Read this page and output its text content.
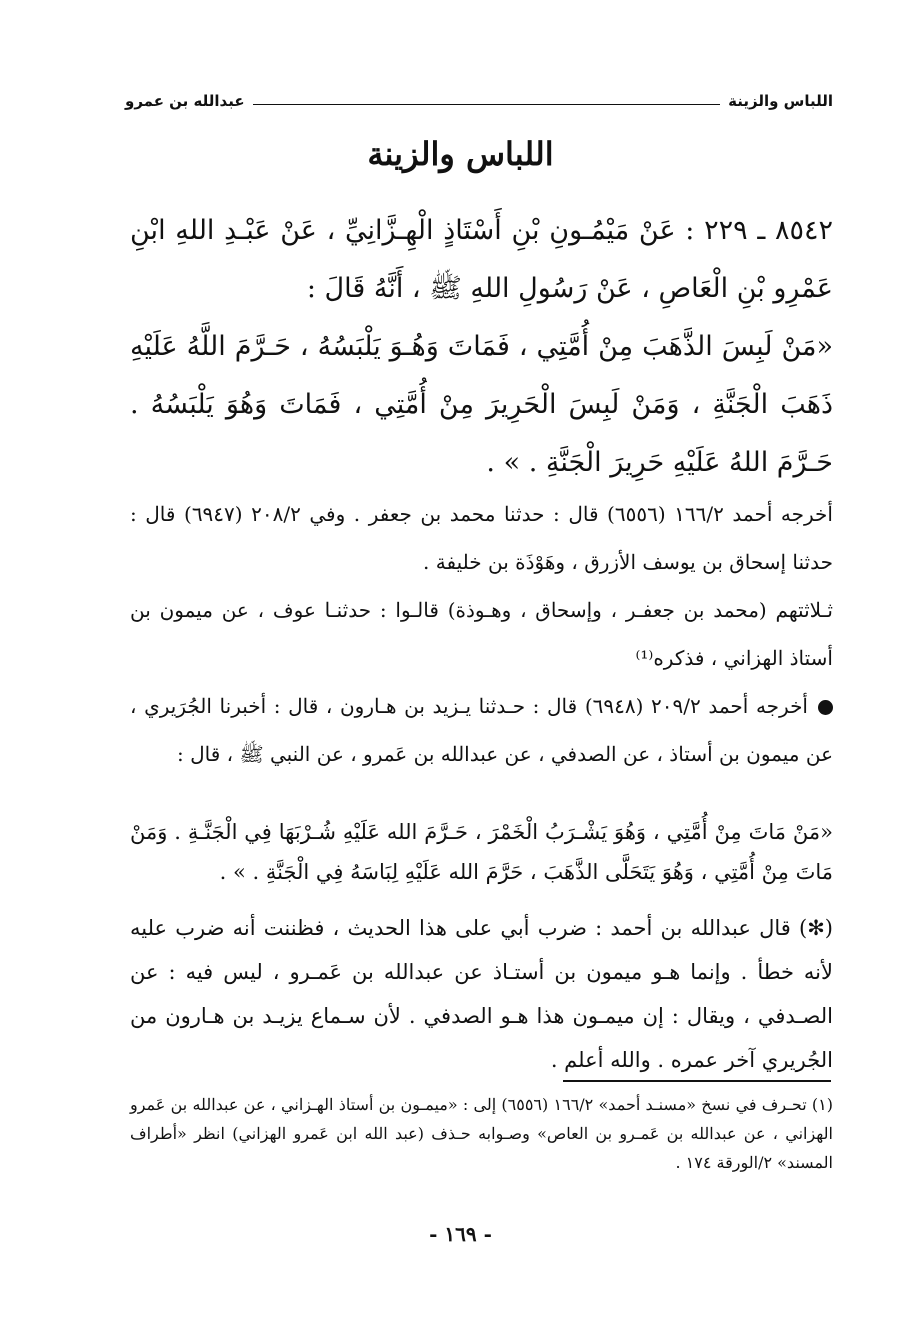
اللباس والزينة
عبدالله بن عمرو
اللباس والزينة

٨٥٤٢ ـ ٢٢٩ : عَنْ مَيْمُـونِ بْنِ أَسْتَاذٍ الْهِـزَّانِيِّ ، عَنْ عَبْـدِ اللهِ ابْنِ عَمْرِو بْنِ الْعَاصِ ، عَنْ رَسُولِ اللهِ ﷺ ، أَنَّهُ قَالَ :

«مَنْ لَبِسَ الذَّهَبَ مِنْ أُمَّتِي ، فَمَاتَ وَهُـوَ يَلْبَسُهُ ، حَـرَّمَ اللَّهُ عَلَيْهِ ذَهَبَ الْجَنَّةِ ، وَمَنْ لَبِسَ الْحَرِيرَ مِنْ أُمَّتِي ، فَمَاتَ وَهُوَ يَلْبَسُهُ . حَـرَّمَ اللهُ عَلَيْهِ حَرِيرَ الْجَنَّةِ . » .

أخرجه أحمد ١٦٦/٢ (٦٥٥٦) قال : حدثنا محمد بن جعفر . وفي ٢٠٨/٢ (٦٩٤٧) قال : حدثنا إسحاق بن يوسف الأزرق ، وهَوْذَة بن خليفة .

ثـلاثتهم (محمد بن جعفـر ، وإسحاق ، وهـوذة) قالـوا : حدثنـا عوف ، عن ميمون بن أستاذ الهزاني ، فذكره⁽¹⁾

أخرجه أحمد ٢٠٩/٢ (٦٩٤٨) قال : حـدثنا يـزيد بن هـارون ، قال : أخبرنا الجُرَيري ، عن ميمون بن أستاذ ، عن الصدفي ، عن عبدالله بن عَمرو ، عن النبي ﷺ ، قال :

«مَنْ مَاتَ مِنْ أُمَّتِي ، وَهُوَ يَشْـرَبُ الْخَمْرَ ، حَـرَّمَ الله عَلَيْهِ شُـرْبَهَا فِي الْجَنَّـةِ . وَمَنْ مَاتَ مِنْ أُمَّتِي ، وَهُوَ يَتَحَلَّى الذَّهَبَ ، حَرَّمَ الله عَلَيْهِ لِبَاسَهُ فِي الْجَنَّةِ . » .

(✻) قال عبدالله بن أحمد : ضرب أبي على هذا الحديث ، فظننت أنه ضرب عليه لأنه خطأ . وإنما هـو ميمون بن أستـاذ عن عبدالله بن عَمـرو ، ليس فيه : عن الصـدفي ، ويقال : إن ميمـون هذا هـو الصدفي . لأن سـماع يزيـد بن هـارون من الجُريري آخر عمره . والله أعلم .

(١) تحـرف في نسخ «مسنـد أحمد» ١٦٦/٢ (٦٥٥٦) إلى : «ميمـون بن أستاذ الهـزاني ، عن عبدالله بن عَمرو الهزاني ، عن عبدالله بن عَمـرو بن العاص» وصـوابه حـذف (عبد الله ابن عَمرو الهزاني) انظر «أطراف المسند» ٢/الورقة ١٧٤ .

- ١٦٩ -
